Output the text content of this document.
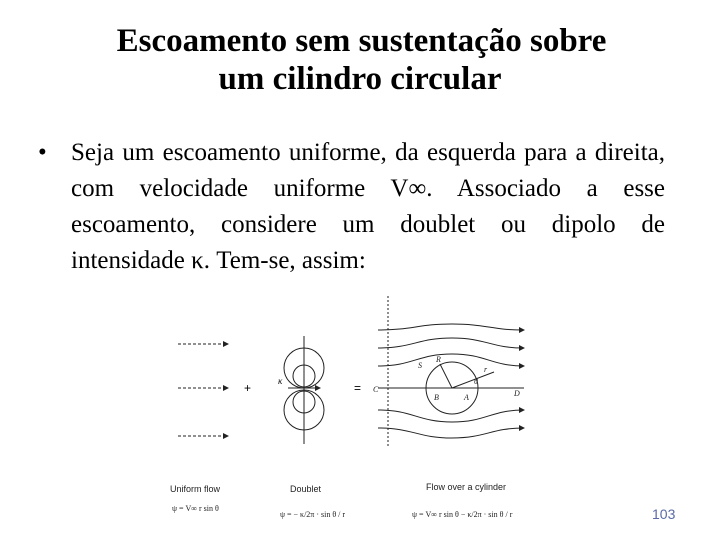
Escoamento sem sustentação sobre
um cilindro circular
• Seja um escoamento uniforme, da esquerda para a direita, com velocidade uniforme V∞. Associado a esse escoamento, considere um doublet ou dipolo de intensidade κ. Tem-se, assim:
+	κ	=
R
C	D
A
B
S	r
θ
Uniform flow	Doublet	Flow over a cylinder
ψ = V∞ r sin θ
ψ = − κ/2π · sin θ / r	ψ = V∞ r sin θ − κ/2π · sin θ / r	103
